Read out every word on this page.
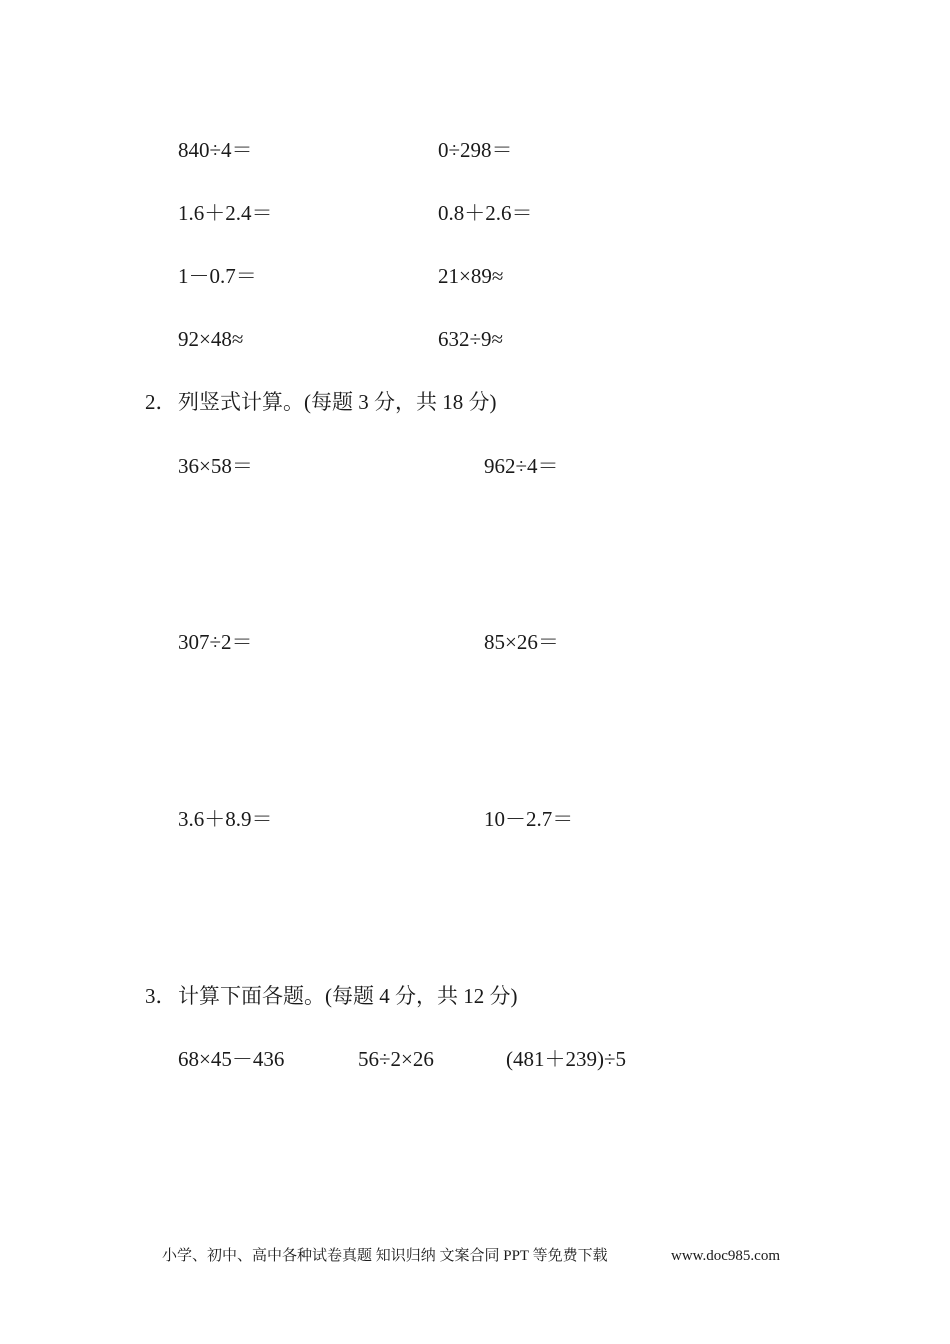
840÷4＝	0÷298＝
1.6＋2.4＝	0.8＋2.6＝
1－0.7＝	21×89≈
92×48≈	632÷9≈
2． 列竖式计算。(每题 3 分，共 18 分)
36×58＝	962÷4＝
307÷2＝	85×26＝
3.6＋8.9＝	10－2.7＝
3． 计算下面各题。(每题 4 分，共 12 分)
68×45－436	56÷2×26	(481＋239)÷5
小学、初中、高中各种试卷真题 知识归纳 文案合同 PPT 等免费下载	www.doc985.com
